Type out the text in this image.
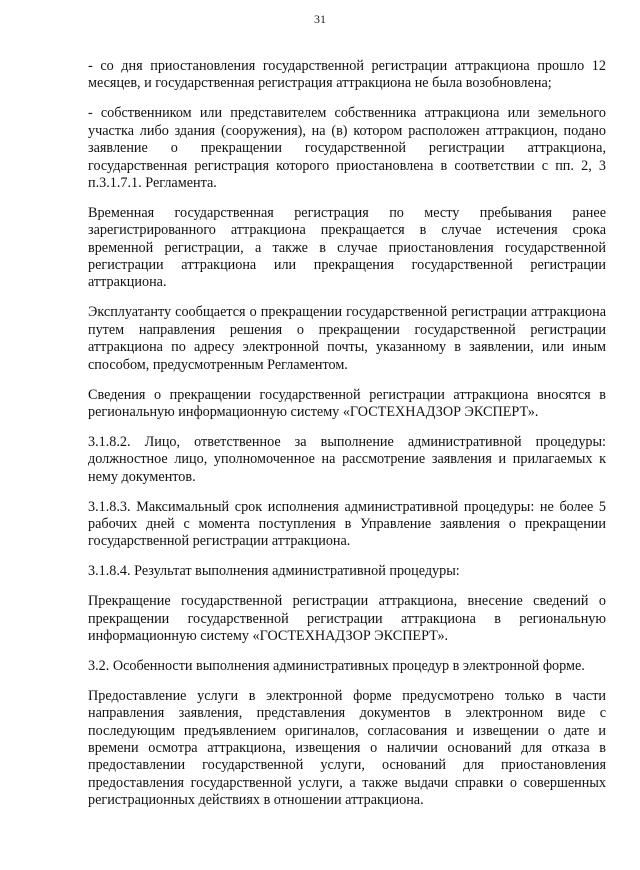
31

- со дня приостановления государственной регистрации аттракциона прошло 12 месяцев, и государственная регистрация аттракциона не была возобновлена;

- собственником или представителем собственника аттракциона или земельного участка либо здания (сооружения), на (в) котором расположен аттракцион, подано заявление о прекращении государственной регистрации аттракциона, государственная регистрация которого приостановлена в соответствии с пп. 2, 3 п.3.1.7.1. Регламента.

Временная государственная регистрация по месту пребывания ранее зарегистрированного аттракциона прекращается в случае истечения срока временной регистрации, а также в случае приостановления государственной регистрации аттракциона или прекращения государственной регистрации аттракциона.

Эксплуатанту сообщается о прекращении государственной регистрации аттракциона путем направления решения о прекращении государственной регистрации аттракциона по адресу электронной почты, указанному в заявлении, или иным способом, предусмотренным Регламентом.

Сведения о прекращении государственной регистрации аттракциона вносятся в региональную информационную систему «ГОСТЕХНАДЗОР ЭКСПЕРТ».

3.1.8.2. Лицо, ответственное за выполнение административной процедуры: должностное лицо, уполномоченное на рассмотрение заявления и прилагаемых к нему документов.

3.1.8.3. Максимальный срок исполнения административной процедуры: не более 5 рабочих дней с момента поступления в Управление заявления о прекращении государственной регистрации аттракциона.

3.1.8.4. Результат выполнения административной процедуры:

Прекращение государственной регистрации аттракциона, внесение сведений о прекращении государственной регистрации аттракциона в региональную информационную систему «ГОСТЕХНАДЗОР ЭКСПЕРТ».

3.2. Особенности выполнения административных процедур в электронной форме.

Предоставление услуги в электронной форме предусмотрено только в части направления заявления, представления документов в электронном виде с последующим предъявлением оригиналов, согласования и извещении о дате и времени осмотра аттракциона, извещения о наличии оснований для отказа в предоставлении государственной услуги, оснований для приостановления предоставления государственной услуги, а также выдачи справки о совершенных регистрационных действиях в отношении аттракциона.
